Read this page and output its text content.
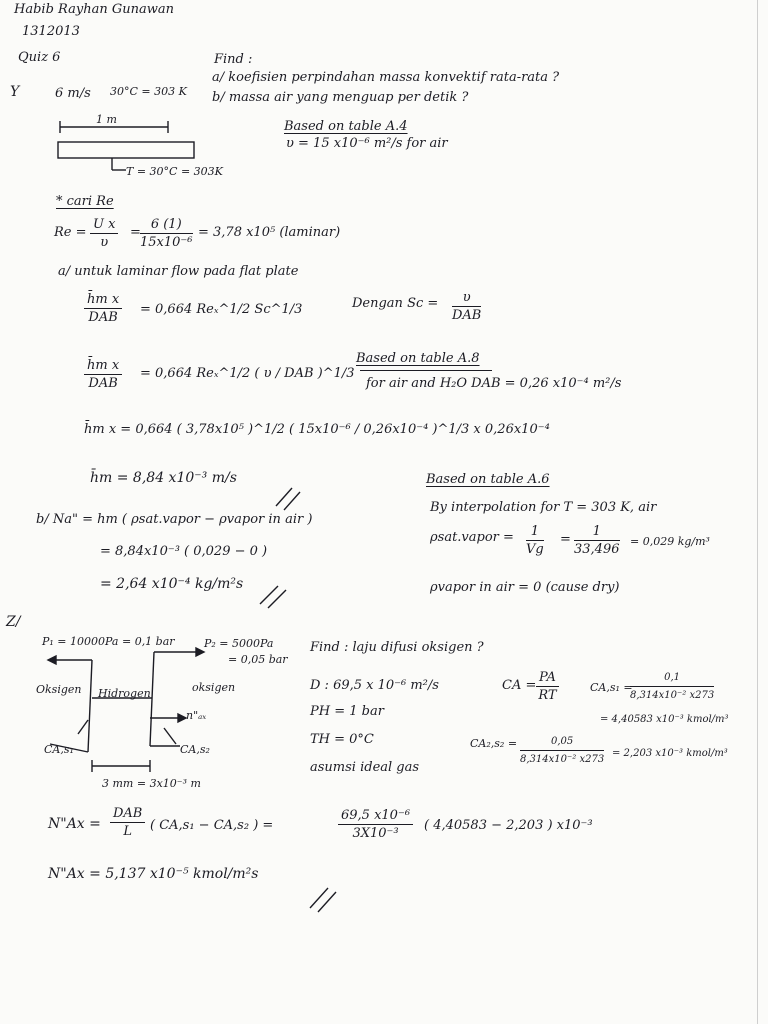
Habib Rayhan Gunawan
1312013
Quiz 6
Y	6 m/s 30°C = 303 K
Find :
a/ koefisien perpindahan massa konvektif rata-rata ?
b/ massa air yang menguap per detik ?
1 m
T = 30°C = 303K
Based on table A.4
υ = 15 x10⁻⁶ m²/s for air
* cari Re
$Re = \frac{\text{U x}}{\upsilon} = \frac{6 (1)}{\text{15x10⁻⁶}} = 3,78$ x10⁵ (laminar)
a/ untuk laminar flow pada flat plate
h̄m x
DAB
= 0,664 Reₓ^1/2 Sc^1/3	Dengan Sc =	υ
DAB
h̄m x
DAB
= 0,664 Reₓ^1/2 ( υ / DAB )^1/3
Based on table A.8
for air and H₂O DAB = 0,26 x10⁻⁴ m²/s
h̄m x = 0,664 ( 3,78x10⁵ )^1/2 ( 15x10⁻⁶ / 0,26x10⁻⁴ )^1/3 x 0,26x10⁻⁴
h̄m = 8,84 x10⁻³ m/s	Based on table A.6
By interpolation for T = 303 K, air
ρsat.vapor = $\frac{1}{Vg} = \frac{1}{33,496} = 0,029$ kg/m³
ρvapor in air = 0 (cause dry)
b/ Na" = hm ( ρsat.vapor − ρvapor in air )
= 8,84x10⁻³ ( 0,029 − 0 )
= 2,64 x10⁻⁴ kg/m²s
Z/
P₁ = 10000Pa = 0,1 bar	P₂ = 5000Pa
= 0,05 bar
Oksigen Hidrogen	oksigen
n"ₐₓ
CA,s₁	CA,s₂
3 mm = 3x10⁻³ m
Find : laju difusi oksigen ?
D : 69,5 x 10⁻⁶ m²/s
PH = 1 bar
TH = 0°C
asumsi ideal gas
CA = $\frac{PA}{RT}$	CA,s₁ =
$\frac{0,1}{\text{8,314x10⁻² x273}}$
= 4,40583 x10⁻³ kmol/m³
$CA_2,s_2 = \frac{0,05}{\text{8,314x10⁻² x273}} = 2,203$ x10⁻³ kmol/m³
N"Ax =
DAB
L	( CA,s₁ − CA,s₂ ) =	$\frac{\text{69,5 x10⁻⁶}}{\text{3X10⁻³}}$ ( 4,40583 − 2,203 ) x10⁻³
N"Ax = 5,137 x10⁻⁵ kmol/m²s
